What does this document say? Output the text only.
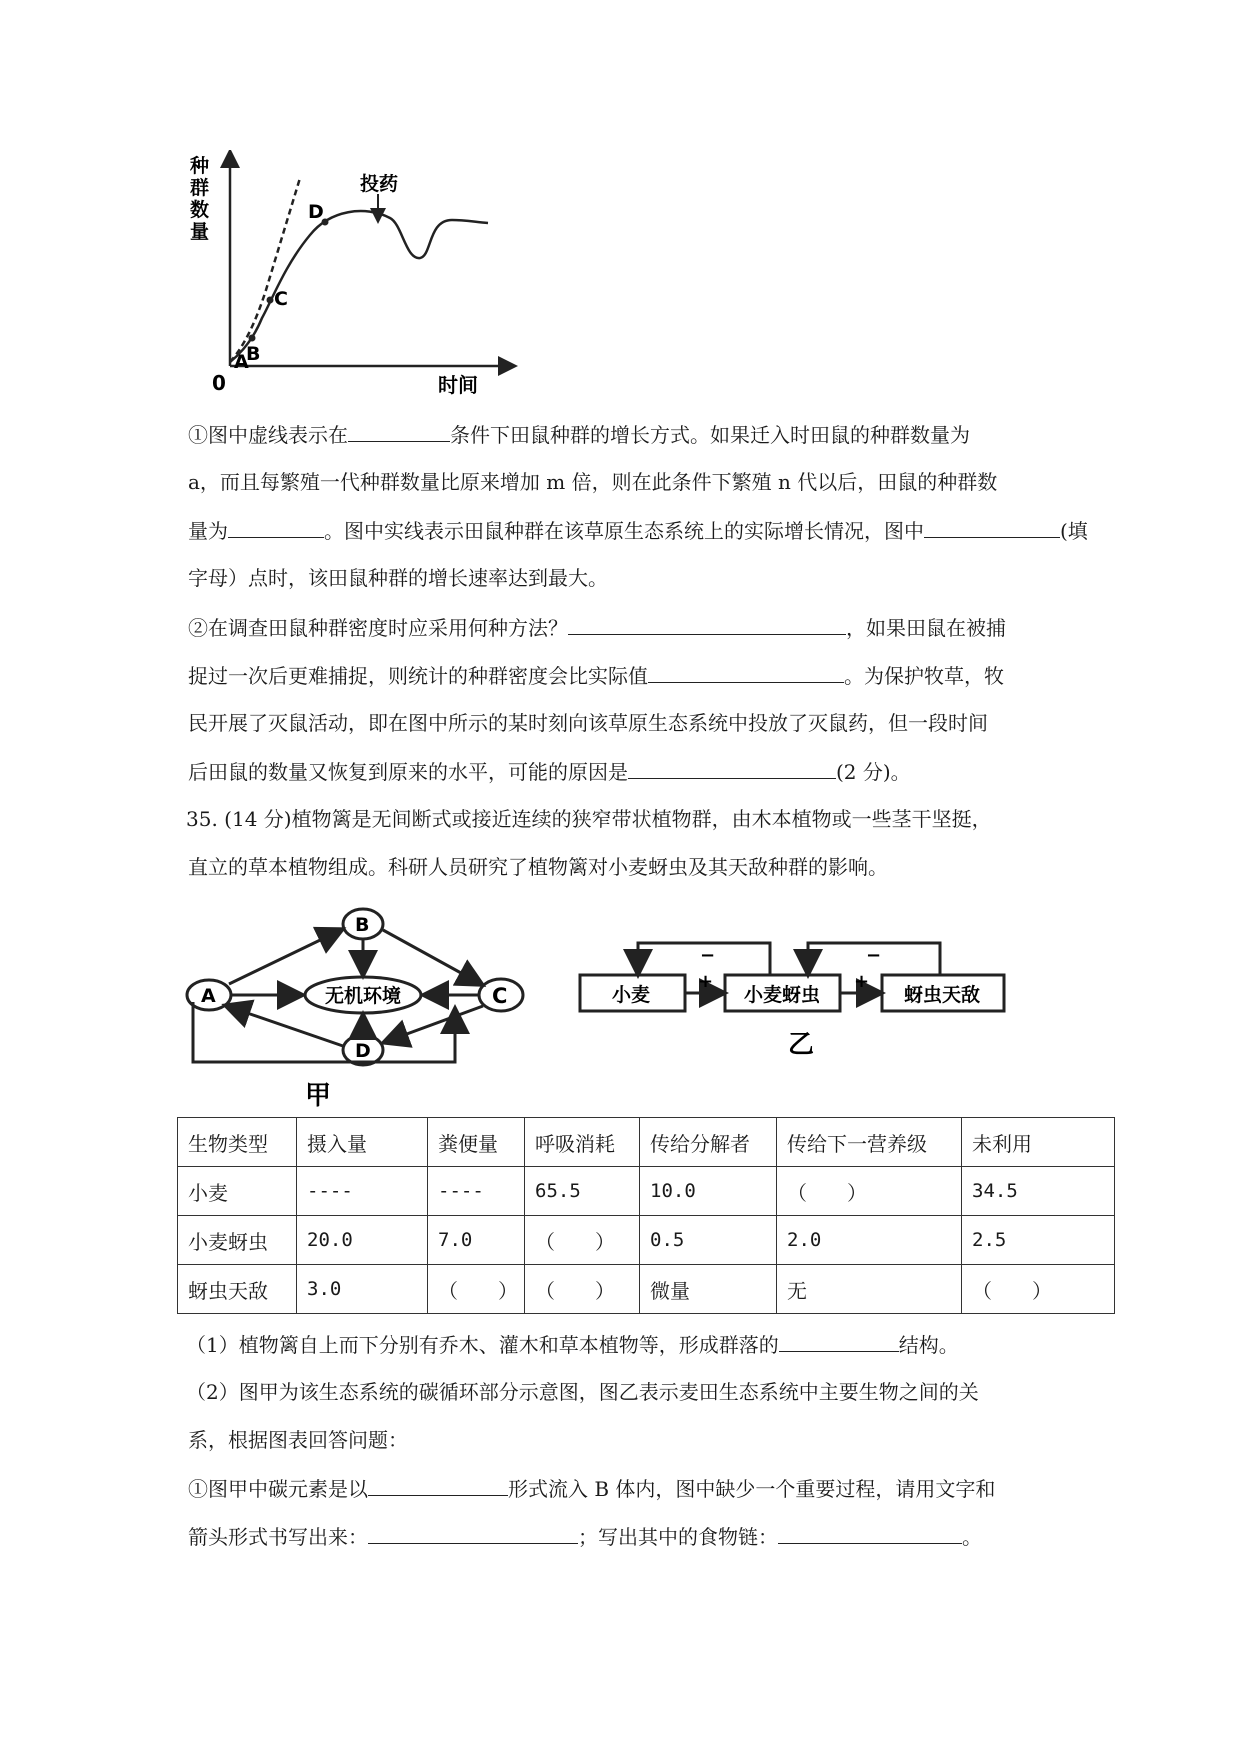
种
群
数
量
0	时间
A
B
C
D
投药
①图中虚线表示在	条件下田鼠种群的增长方式。如果迁入时田鼠的种群数量为
a，而且每繁殖一代种群数量比原来增加 m 倍，则在此条件下繁殖 n 代以后，田鼠的种群数
量为	。图中实线表示田鼠种群在该草原生态系统上的实际增长情况，图中	(填
字母）点时，该田鼠种群的增长速率达到最大。
②在调查田鼠种群密度时应采用何种方法？	，如果田鼠在被捕
捉过一次后更难捕捉，则统计的种群密度会比实际值	。为保护牧草，牧
民开展了灭鼠活动，即在图中所示的某时刻向该草原生态系统中投放了灭鼠药，但一段时间
后田鼠的数量又恢复到原来的水平，可能的原因是	(2 分)。
35. (14 分)植物篱是无间断式或接近连续的狭窄带状植物群，由木本植物或一些茎干坚挺，
直立的草本植物组成。科研人员研究了植物篱对小麦蚜虫及其天敌种群的影响。
A
B
C
D
无机环境
甲
小麦	小麦蚜虫	蚜虫天敌
+	+
−	−
乙
生物类型	摄入量	粪便量	呼吸消耗	传给分解者	传给下一营养级	未利用
小麦	----	----	65.5	10.0	（　　）	34.5
小麦蚜虫	20.0	7.0	（　　）	0.5	2.0	2.5
蚜虫天敌	3.0	（　　）	（　　）	微量	无	（　　）
（1）植物篱自上而下分别有乔木、灌木和草本植物等，形成群落的	结构。
（2）图甲为该生态系统的碳循环部分示意图，图乙表示麦田生态系统中主要生物之间的关
系，根据图表回答问题：
①图甲中碳元素是以	形式流入 B 体内，图中缺少一个重要过程，请用文字和
箭头形式书写出来：	；写出其中的食物链：	。
